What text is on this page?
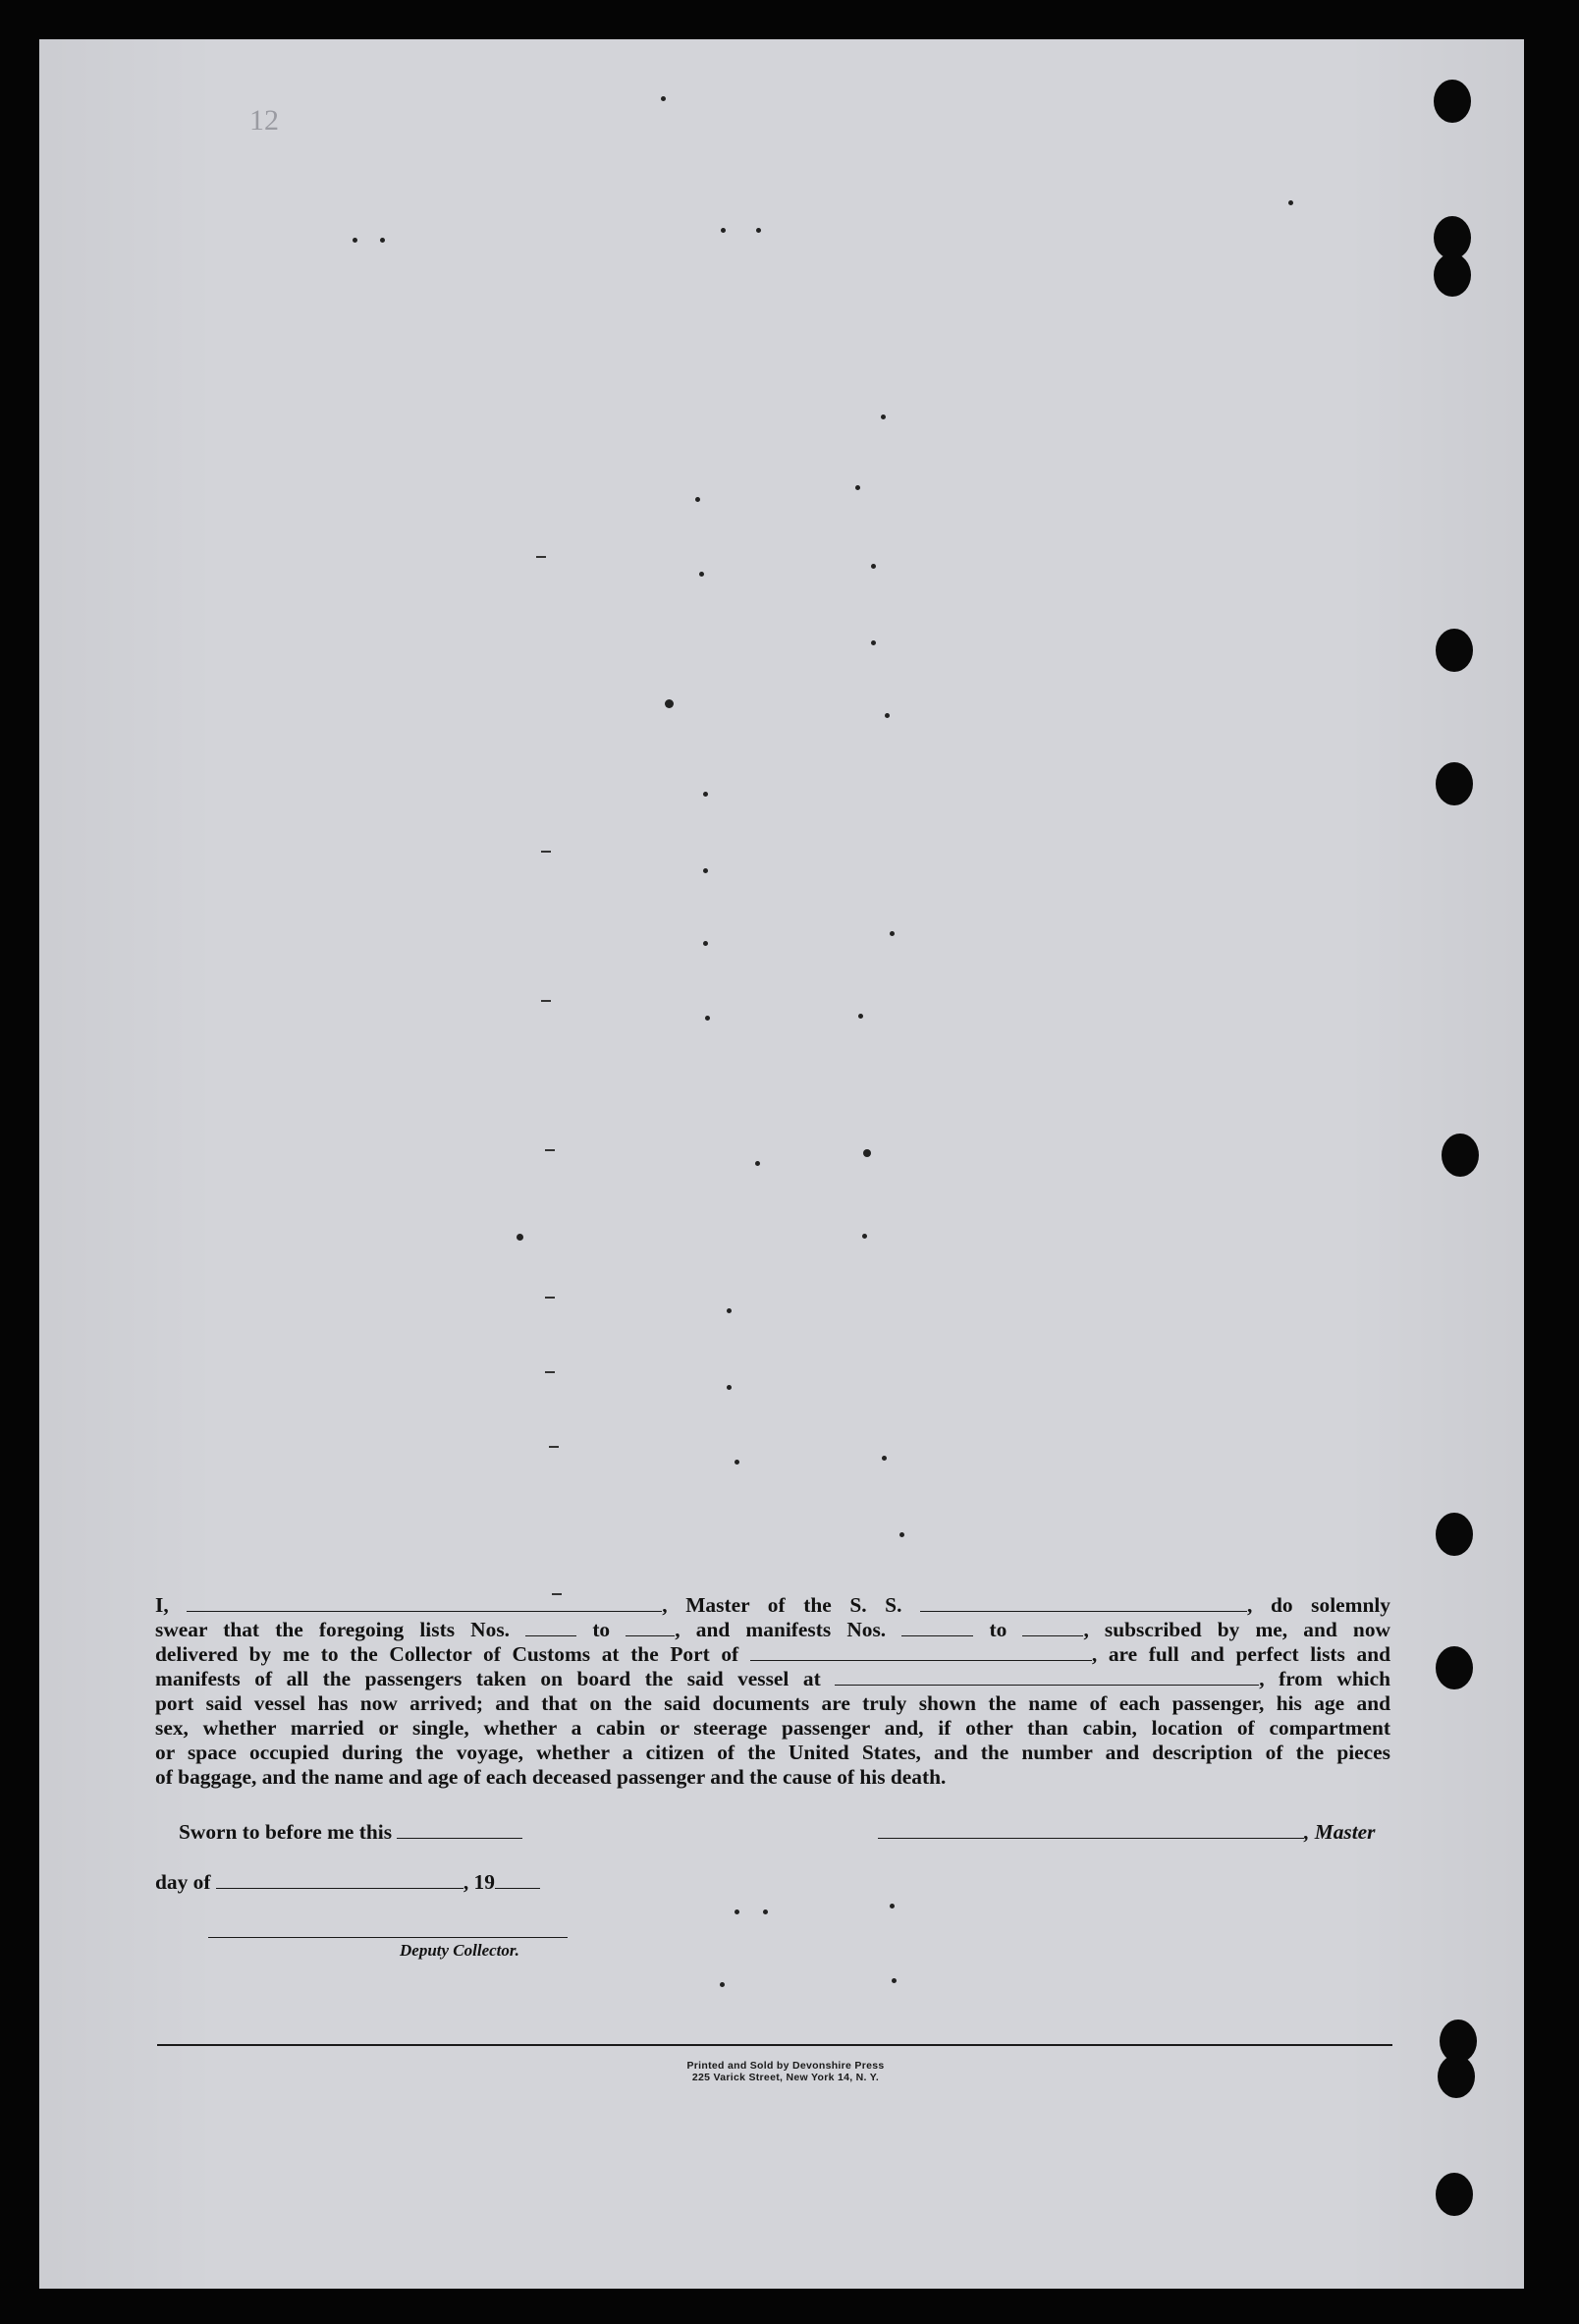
12
I,	, Master of the S. S.	, do solemnly
swear that the foregoing lists Nos.	to	, and manifests Nos.	to	, subscribed by me, and now
delivered by me to the Collector of Customs at the Port of	, are full and perfect lists and
manifests of all the passengers taken on board the said vessel at	, from which
port said vessel has now arrived; and that on the said documents are truly shown the name of each passenger, his age and
sex, whether married or single, whether a cabin or steerage passenger and, if other than cabin, location of compartment
or space occupied during the voyage, whether a citizen of the United States, and the number and description of the pieces
of baggage, and the name and age of each deceased passenger and the cause of his death.
Sworn to before me this
day of	, 19
Deputy Collector.
, Master
Printed and Sold by Devonshire Press
225 Varick Street, New York 14, N. Y.
